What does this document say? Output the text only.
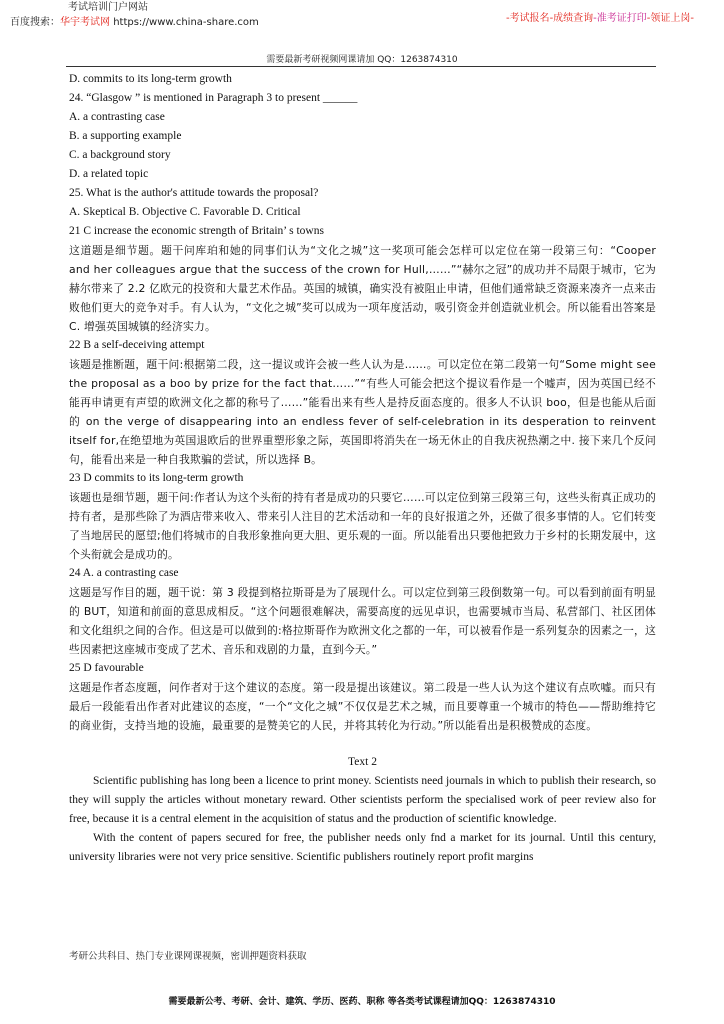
考试培训门户网站
百度搜索：华宇考试网 https://www.china-share.com	-考试报名-成绩查询-准考证打印-领证上岗-
需要最新考研视频网课请加 QQ：1263874310

D. commits to its long-term growth

24. “Glasgow ” is mentioned in Paragraph 3 to present ______

A. a contrasting case

B. a supporting example

C. a background story

D. a related topic

25. What is the author's attitude towards the proposal?

A. Skeptical B. Objective C. Favorable D. Critical

21 C increase the economic strength of Britain’ s towns

这道题是细节题。题干问库珀和她的同事们认为“文化之城”这一奖项可能会怎样可以定位在第一段第三句：“Cooper and her colleagues argue that the success of the crown for Hull,……”“赫尔之冠”的成功并不局限于城市，它为赫尔带来了 2.2 亿欧元的投资和大量艺术作品。英国的城镇，确实没有被阻止申请，但他们通常缺乏资源来凑齐一点来击败他们更大的竞争对手。有人认为，“文化之城”奖可以成为一项年度活动，吸引资金并创造就业机会。所以能看出答案是 C. 增强英国城镇的经济实力。

22 B a self-deceiving attempt

该题是推断题，题干问:根据第二段，这一提议或许会被一些人认为是……。可以定位在第二段第一句“Some might see the proposal as a boo by prize for the fact that……”“有些人可能会把这个提议看作是一个嘘声，因为英国已经不能再申请更有声望的欧洲文化之都的称号了……”能看出来有些人是持反面态度的。很多人不认识 boo，但是也能从后面的 on the verge of disappearing into an endless fever of self-celebration in its desperation to reinvent itself for,在绝望地为英国退欧后的世界重塑形象之际，英国即将消失在一场无休止的自我庆祝热潮之中. 接下来几个反问句，能看出来是一种自我欺骗的尝试，所以选择 B。

23 D commits to its long-term growth

该题也是细节题，题干问:作者认为这个头衔的持有者是成功的只要它……可以定位到第三段第三句，这些头衔真正成功的持有者，是那些除了为酒店带来收入、带来引人注目的艺术活动和一年的良好报道之外，还做了很多事情的人。它们转变了当地居民的愿望;他们将城市的自我形象推向更大胆、更乐观的一面。所以能看出只要他把致力于乡村的长期发展中，这个头衔就会是成功的。

24 A. a contrasting case

这题是写作目的题，题干说：第 3 段提到格拉斯哥是为了展现什么。可以定位到第三段倒数第一句。可以看到前面有明显的 BUT，知道和前面的意思成相反。“这个问题很难解决，需要高度的远见卓识，也需要城市当局、私营部门、社区团体和文化组织之间的合作。但这是可以做到的:格拉斯哥作为欧洲文化之都的一年，可以被看作是一系列复杂的因素之一，这些因素把这座城市变成了艺术、音乐和戏剧的力量，直到今天。”

25 D favourable

这题是作者态度题，问作者对于这个建议的态度。第一段是提出该建议。第二段是一些人认为这个建议有点吹嘘。而只有最后一段能看出作者对此建议的态度，“一个“文化之城”不仅仅是艺术之城，而且要尊重一个城市的特色——帮助维持它的商业街，支持当地的设施，最重要的是赞美它的人民，并将其转化为行动。”所以能看出是积极赞成的态度。

Text 2

Scientific publishing has long been a licence to print money. Scientists need journals in which to publish their research, so they will supply the articles without monetary reward. Other scientists perform the specialised work of peer review also for free, because it is a central element in the acquisition of status and the production of scientific knowledge.

With the content of papers secured for free, the publisher needs only fnd a market for its journal. Until this century, university libraries were not very price sensitive. Scientific publishers routinely report profit margins

考研公共科目、热门专业课网课视频，密训押题资料获取
需要最新公考、考研、会计、建筑、学历、医药、职称 等各类考试课程请加QQ：1263874310
